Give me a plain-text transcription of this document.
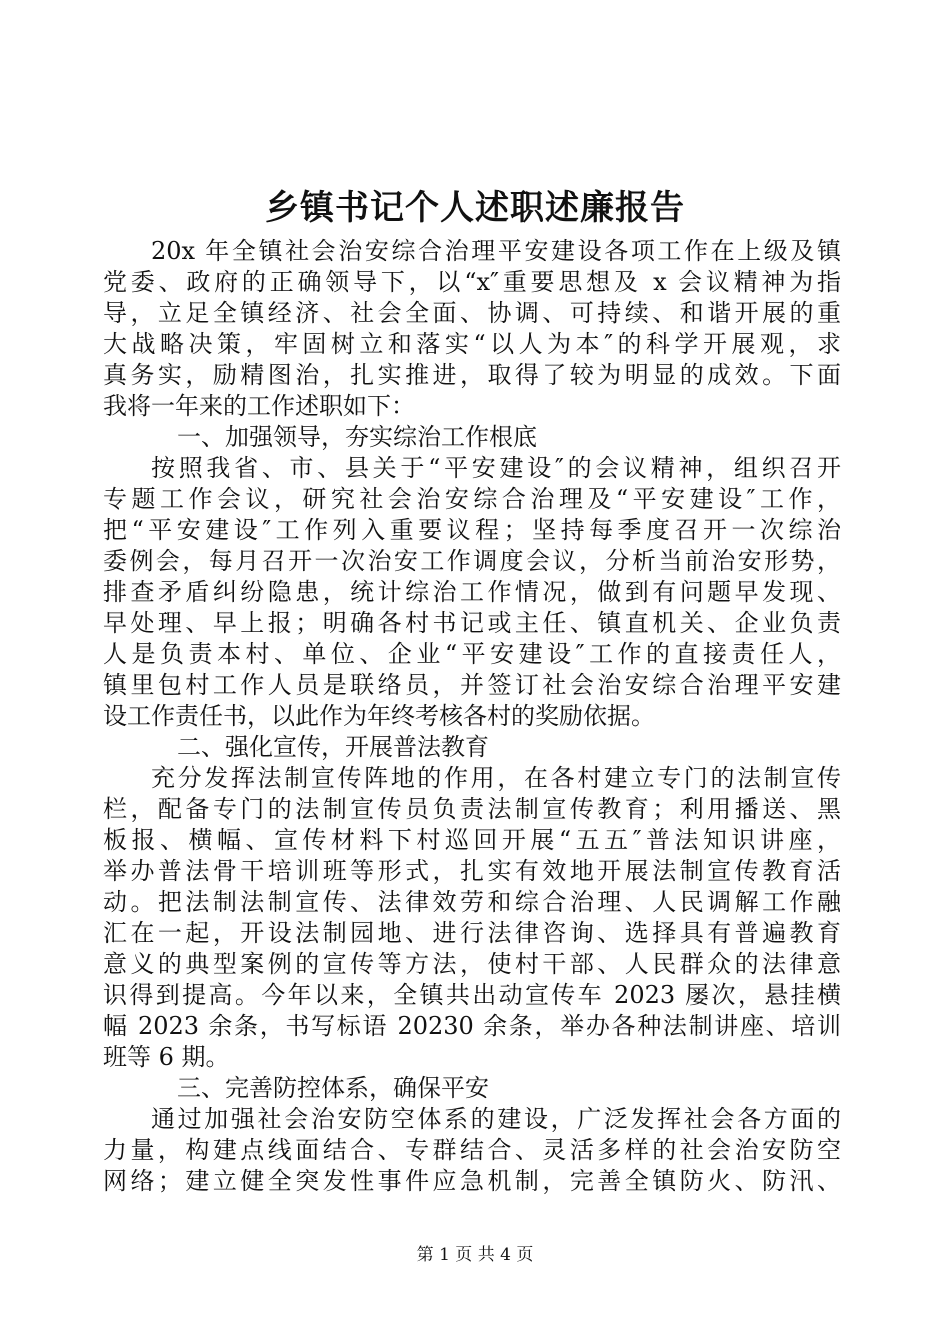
乡镇书记个人述职述廉报告
20x 年全镇社会治安综合治理平安建设各项工作在上级及镇
党委、政府的正确领导下，以“x″重要思想及 x 会议精神为指
导，立足全镇经济、社会全面、协调、可持续、和谐开展的重
大战略决策，牢固树立和落实“以人为本″的科学开展观，求
真务实，励精图治，扎实推进，取得了较为明显的成效。下面
我将一年来的工作述职如下：
一、加强领导，夯实综治工作根底
按照我省、市、县关于“平安建设″的会议精神，组织召开
专题工作会议，研究社会治安综合治理及“平安建设″工作，
把“平安建设″工作列入重要议程；坚持每季度召开一次综治
委例会，每月召开一次治安工作调度会议，分析当前治安形势，
排查矛盾纠纷隐患，统计综治工作情况，做到有问题早发现、
早处理、早上报；明确各村书记或主任、镇直机关、企业负责
人是负责本村、单位、企业“平安建设″工作的直接责任人，
镇里包村工作人员是联络员，并签订社会治安综合治理平安建
设工作责任书，以此作为年终考核各村的奖励依据。
二、强化宣传，开展普法教育
充分发挥法制宣传阵地的作用，在各村建立专门的法制宣传
栏，配备专门的法制宣传员负责法制宣传教育；利用播送、黑
板报、横幅、宣传材料下村巡回开展“五五″普法知识讲座，
举办普法骨干培训班等形式，扎实有效地开展法制宣传教育活
动。把法制法制宣传、法律效劳和综合治理、人民调解工作融
汇在一起，开设法制园地、进行法律咨询、选择具有普遍教育
意义的典型案例的宣传等方法，使村干部、人民群众的法律意
识得到提高。今年以来，全镇共出动宣传车 2023 屡次，悬挂横
幅 2023 余条，书写标语 20230 余条，举办各种法制讲座、培训
班等 6 期。
三、完善防控体系，确保平安
通过加强社会治安防空体系的建设，广泛发挥社会各方面的
力量，构建点线面结合、专群结合、灵活多样的社会治安防空
网络；建立健全突发性事件应急机制，完善全镇防火、防汛、
第 1 页 共 4 页
